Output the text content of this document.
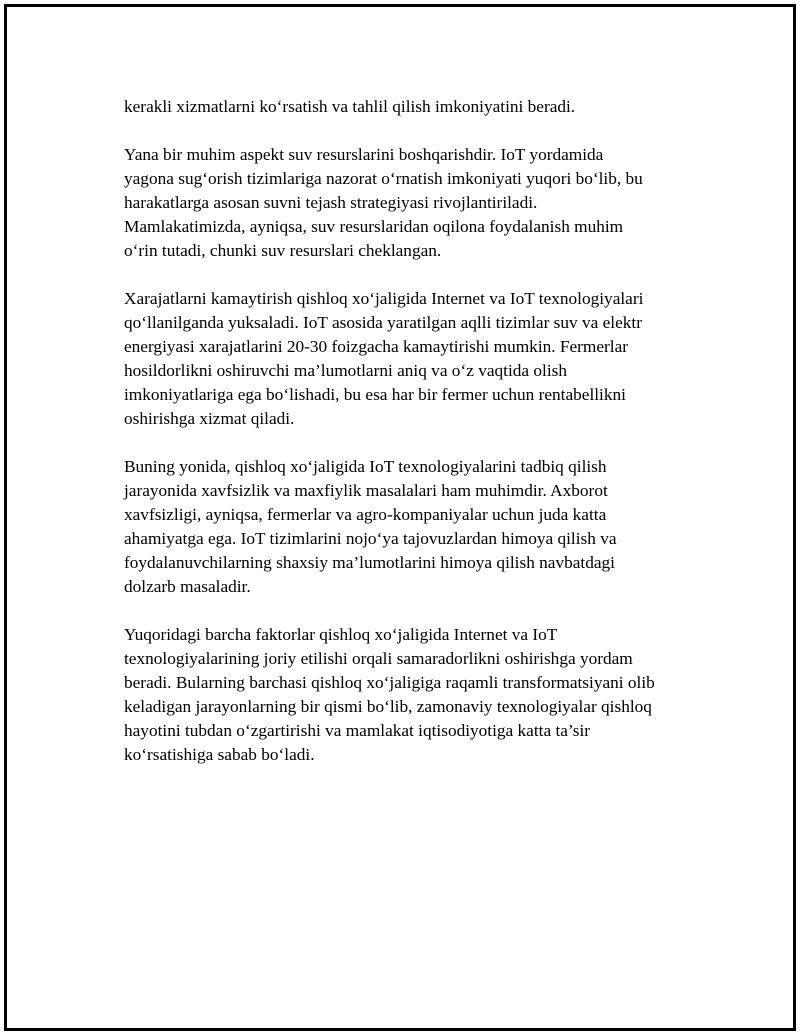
kerakli xizmatlarni ko‘rsatish va tahlil qilish imkoniyatini beradi.

Yana bir muhim aspekt suv resurslarini boshqarishdir. IoT yordamida
yagona sug‘orish tizimlariga nazorat o‘rnatish imkoniyati yuqori bo‘lib, bu
harakatlarga asosan suvni tejash strategiyasi rivojlantiriladi.
Mamlakatimizda, ayniqsa, suv resurslaridan oqilona foydalanish muhim
o‘rin tutadi, chunki suv resurslari cheklangan.

Xarajatlarni kamaytirish qishloq xo‘jaligida Internet va IoT texnologiyalari
qo‘llanilganda yuksaladi. IoT asosida yaratilgan aqlli tizimlar suv va elektr
energiyasi xarajatlarini 20-30 foizgacha kamaytirishi mumkin. Fermerlar
hosildorlikni oshiruvchi ma’lumotlarni aniq va o‘z vaqtida olish
imkoniyatlariga ega bo‘lishadi, bu esa har bir fermer uchun rentabellikni
oshirishga xizmat qiladi.

Buning yonida, qishloq xo‘jaligida IoT texnologiyalarini tadbiq qilish
jarayonida xavfsizlik va maxfiylik masalalari ham muhimdir. Axborot
xavfsizligi, ayniqsa, fermerlar va agro-kompaniyalar uchun juda katta
ahamiyatga ega. IoT tizimlarini nojo‘ya tajovuzlardan himoya qilish va
foydalanuvchilarning shaxsiy ma’lumotlarini himoya qilish navbatdagi
dolzarb masaladir.

Yuqoridagi barcha faktorlar qishloq xo‘jaligida Internet va IoT
texnologiyalarining joriy etilishi orqali samaradorlikni oshirishga yordam
beradi. Bularning barchasi qishloq xo‘jaligiga raqamli transformatsiyani olib
keladigan jarayonlarning bir qismi bo‘lib, zamonaviy texnologiyalar qishloq
hayotini tubdan o‘zgartirishi va mamlakat iqtisodiyotiga katta ta’sir
ko‘rsatishiga sabab bo‘ladi.
